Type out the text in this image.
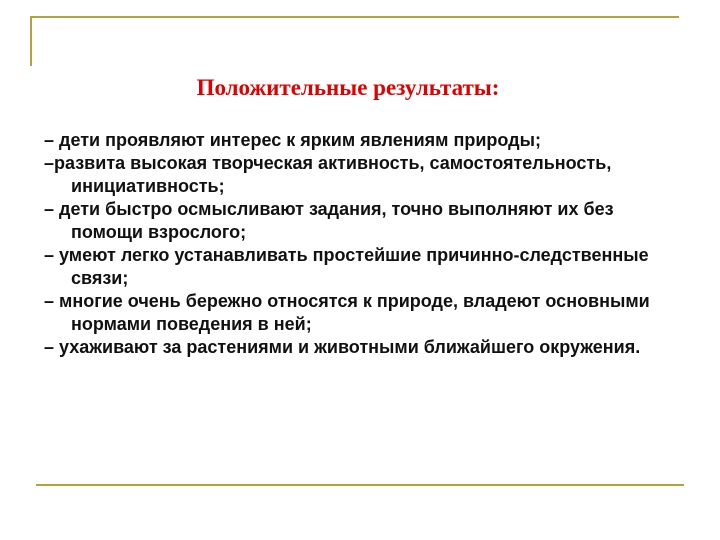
Положительные результаты:
– дети проявляют интерес к ярким явлениям природы;
–развита высокая творческая активность, самостоятельность, инициативность;
– дети быстро осмысливают задания, точно выполняют их без помощи взрослого;
– умеют легко устанавливать простейшие причинно-следственные связи;
– многие очень бережно относятся к природе, владеют основными нормами поведения в ней;
– ухаживают за растениями и животными ближайшего окружения.
